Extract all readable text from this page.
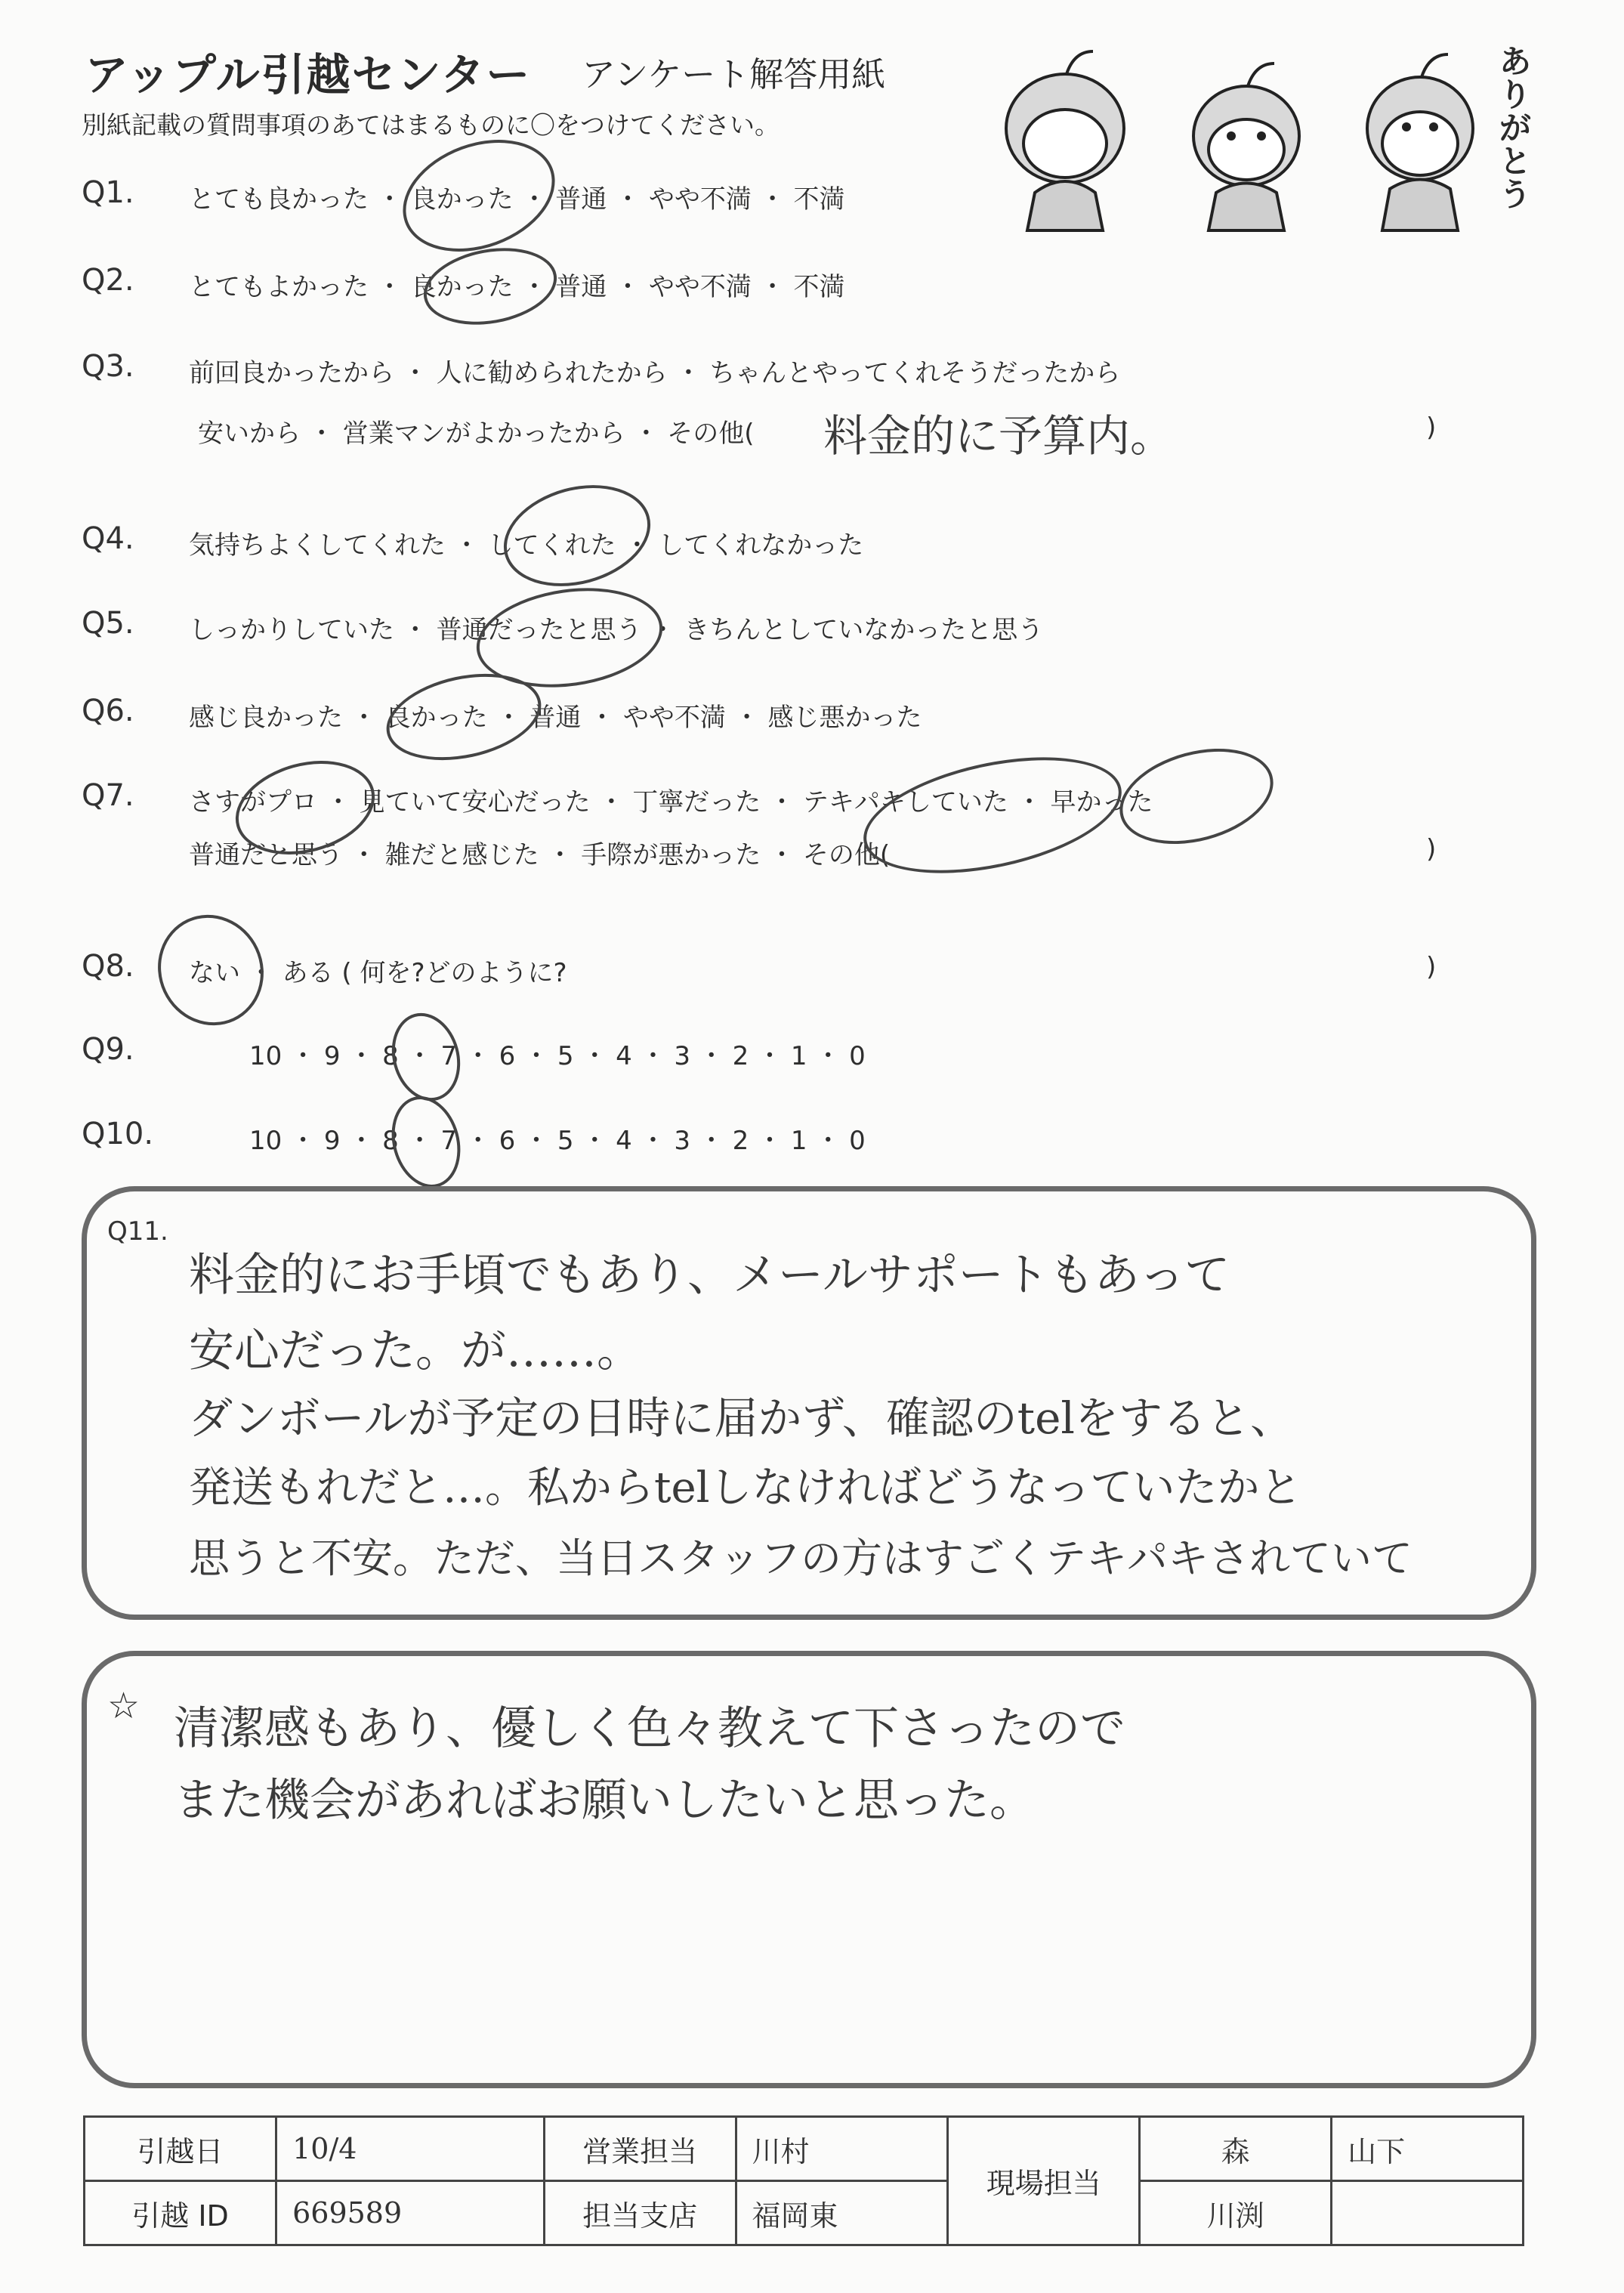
アップル引越センター アンケート解答用紙
別紙記載の質問事項のあてはまるものに〇をつけてください。
ありがとう
Q1. とても良かった ・ 良かった ・ 普通 ・ やや不満 ・ 不満
Q2. とてもよかった ・ 良かった ・ 普通 ・ やや不満 ・ 不満
Q3. 前回良かったから ・ 人に勧められたから ・ ちゃんとやってくれそうだったから
安いから ・ 営業マンがよかったから ・ その他( 料金的に予算内。	)
Q4. 気持ちよくしてくれた ・ してくれた ・ してくれなかった
Q5. しっかりしていた ・ 普通だったと思う ・ きちんとしていなかったと思う
Q6. 感じ良かった ・ 良かった ・ 普通 ・ やや不満 ・ 感じ悪かった
Q7. さすがプロ ・ 見ていて安心だった ・ 丁寧だった ・ テキパキしていた ・ 早かった
普通だと思う ・ 雑だと感じた ・ 手際が悪かった ・ その他(	)
Q8. ない ・ ある ( 何を?どのように?	)
Q9.	10 ・ 9 ・ 8 ・ 7 ・ 6 ・ 5 ・ 4 ・ 3 ・ 2 ・ 1 ・ 0
Q10.	10 ・ 9 ・ 8 ・ 7 ・ 6 ・ 5 ・ 4 ・ 3 ・ 2 ・ 1 ・ 0
Q11.
料金的にお手頃でもあり、メールサポートもあって
安心だった。が……。
ダンボールが予定の日時に届かず、確認のtelをすると、
発送もれだと…。私からtelしなければどうなっていたかと
思うと不安。ただ、当日スタッフの方はすごくテキパキされていて
☆ 清潔感もあり、優しく色々教えて下さったので
また機会があればお願いしたいと思った。
引越日	10/4	営業担当	川村	現場担当	森	山下
引越 ID	669589	担当支店	福岡東		川渕	
